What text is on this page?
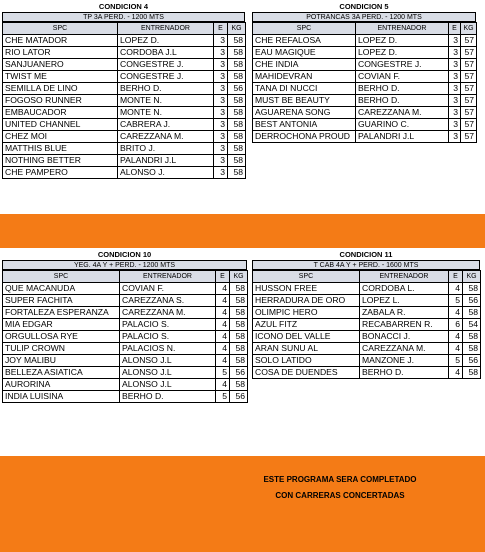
CONDICION 4
TP 3A PERD. - 1200 MTS
SPC	ENTRENADOR	E	KG
CHE MATADOR	LOPEZ D.	3	58
RIO LATOR	CORDOBA J.L	3	58
SANJUANERO	CONGESTRE J.	3	58
TWIST ME	CONGESTRE J.	3	58
SEMILLA DE LINO	BERHO D.	3	56
FOGOSO RUNNER	MONTE N.	3	58
EMBAUCADOR	MONTE N.	3	58
UNITED CHANNEL	CABRERA J.	3	58
CHEZ MOI	CAREZZANA M.	3	58
MATTHIS BLUE	BRITO J.	3	58
NOTHING BETTER	PALANDRI J.L	3	58
CHE PAMPERO	ALONSO J.	3	58
CONDICION 5
POTRANCAS 3A PERD. - 1200 MTS
SPC	ENTRENADOR	E	KG
CHE REFALOSA	LOPEZ D.	3	57
EAU MAGIQUE	LOPEZ D.	3	57
CHE INDIA	CONGESTRE J.	3	57
MAHIDEVRAN	COVIAN F.	3	57
TANA DI NUCCI	BERHO D.	3	57
MUST BE BEAUTY	BERHO D.	3	57
AGUARENA SONG	CAREZZANA M.	3	57
BEST ANTONIA	GUARINO C.	3	57
DERROCHONA PROUD	PALANDRI J.L	3	57
CONDICION 10
YEG. 4A Y + PERD. - 1200 MTS
SPC	ENTRENADOR	E	KG
QUE MACANUDA	COVIAN F.	4	58
SUPER FACHITA	CAREZZANA S.	4	58
FORTALEZA ESPERANZA	CAREZZANA M.	4	58
MIA EDGAR	PALACIO S.	4	58
ORGULLOSA RYE	PALACIO S.	4	58
TULIP CROWN	PALACIOS N.	4	58
JOY MALIBU	ALONSO J.L	4	58
BELLEZA ASIATICA	ALONSO J.L	5	56
AURORINA	ALONSO J.L	4	58
INDIA LUISINA	BERHO D.	5	56
CONDICION 11
T CAB 4A Y + PERD. - 1600 MTS
SPC	ENTRENADOR	E	KG
HUSSON FREE	CORDOBA L.	4	58
HERRADURA DE ORO	LOPEZ L.	5	56
OLIMPIC HERO	ZABALA R.	4	58
AZUL FITZ	RECABARREN R.	6	54
ICONO DEL VALLE	BONACCI J.	4	58
ARAN SUNU AL	CAREZZANA M.	4	58
SOLO LATIDO	MANZONE J.	5	56
COSA DE DUENDES	BERHO D.	4	58
ESTE PROGRAMA SERA COMPLETADO
CON CARRERAS CONCERTADAS
